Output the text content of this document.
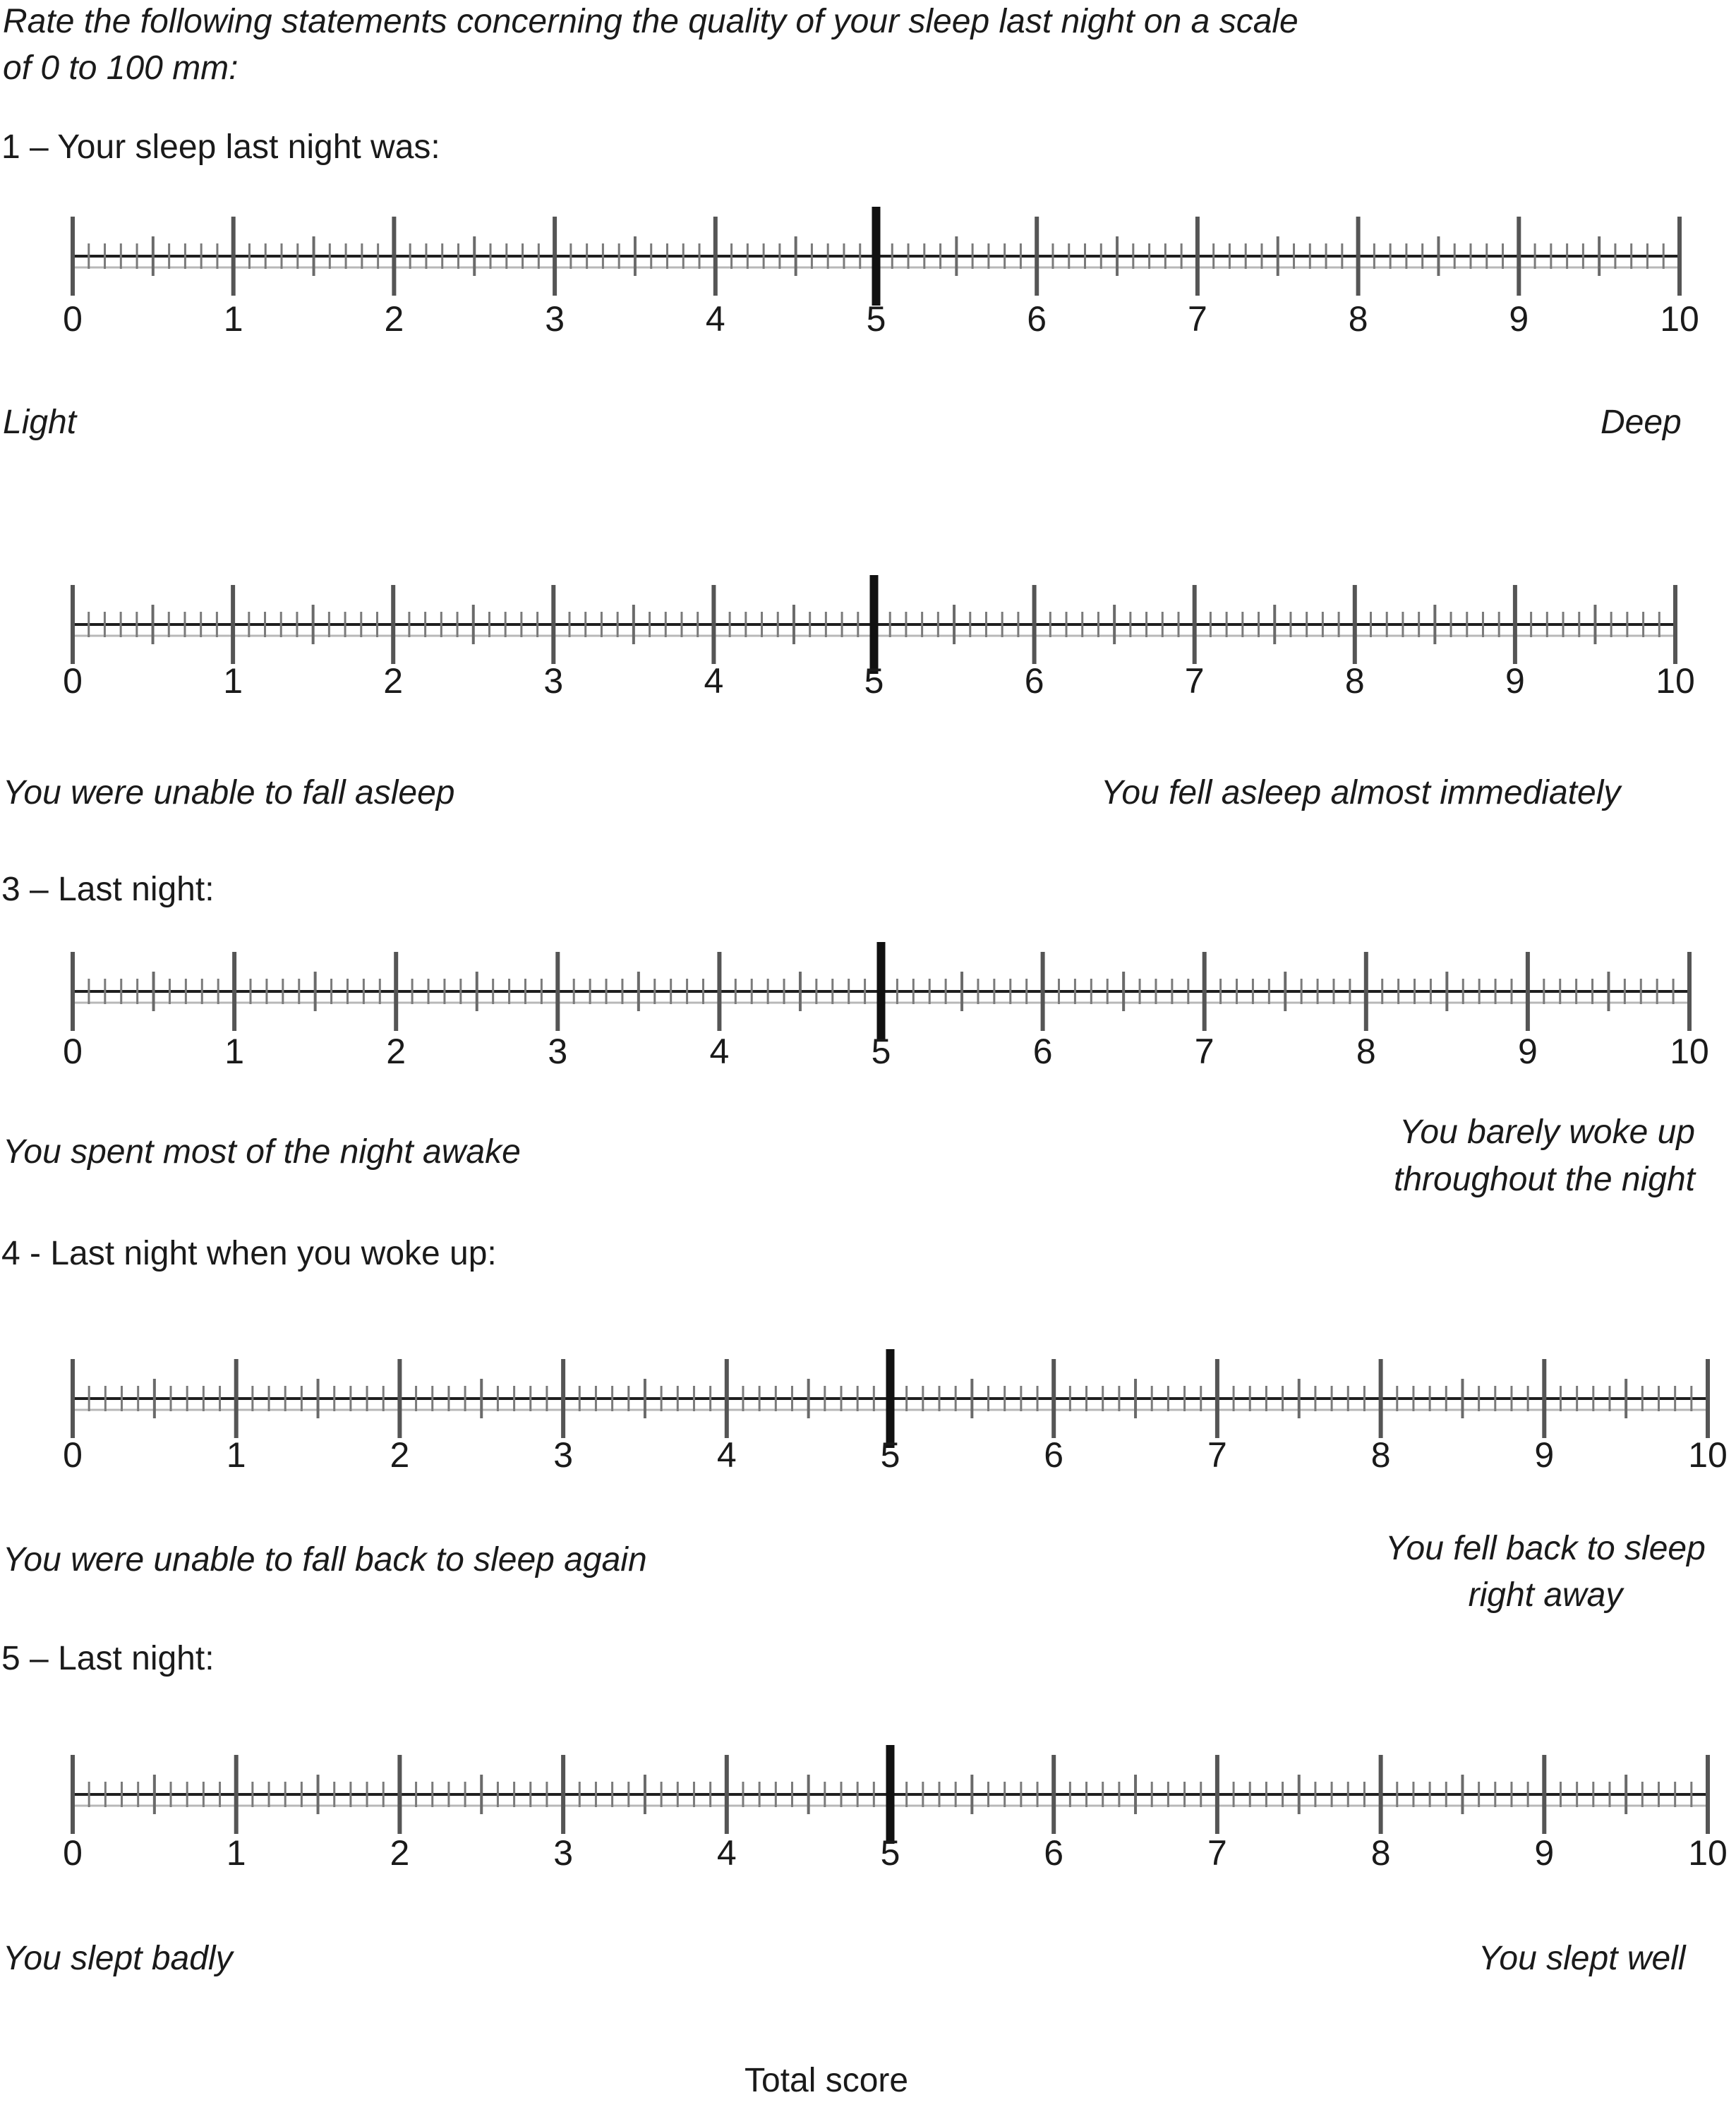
Rate the following statements concerning the quality of your sleep last night on a scale
of 0 to 100 mm:
1 – Your sleep last night was:
0	1	2	3	4	5	6	7	8	9	10
Light	Deep
0	1	2	3	4	5	6	7	8	9	10
You were unable to fall asleep	You fell asleep almost immediately
3 – Last night:
0	1	2	3	4	5	6	7	8	9	10
You spent most of the night awake
You barely woke up
throughout the night
4 - Last night when you woke up:
0	1	2	3	4	5	6	7	8	9	10
You were unable to fall back to sleep again	You fell back to sleep
right away
5 – Last night:
0	1	2	3	4	5	6	7	8	9	10
You slept badly	You slept well
Total score
